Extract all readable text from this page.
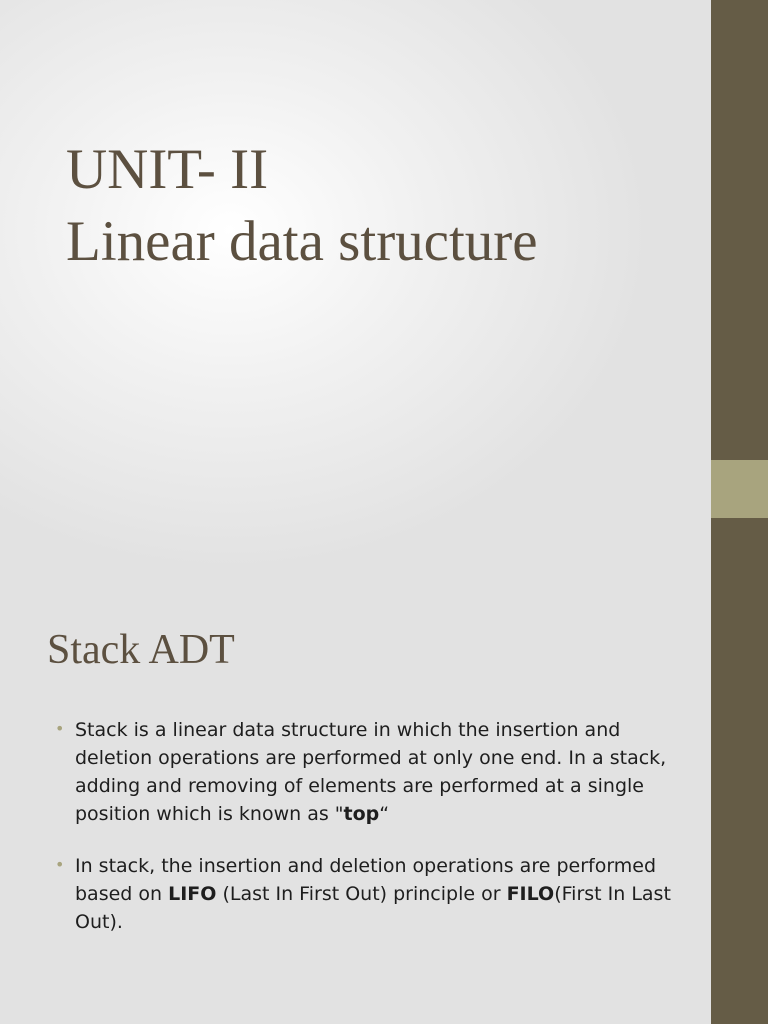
UNIT- II
Linear data structure
Stack ADT
• Stack is a linear data structure in which the insertion and deletion operations are performed at only one end. In a stack, adding and removing of elements are performed at a single position which is known as "top“
• In stack, the insertion and deletion operations are performed based on LIFO (Last In First Out) principle or FILO(First In Last Out).
